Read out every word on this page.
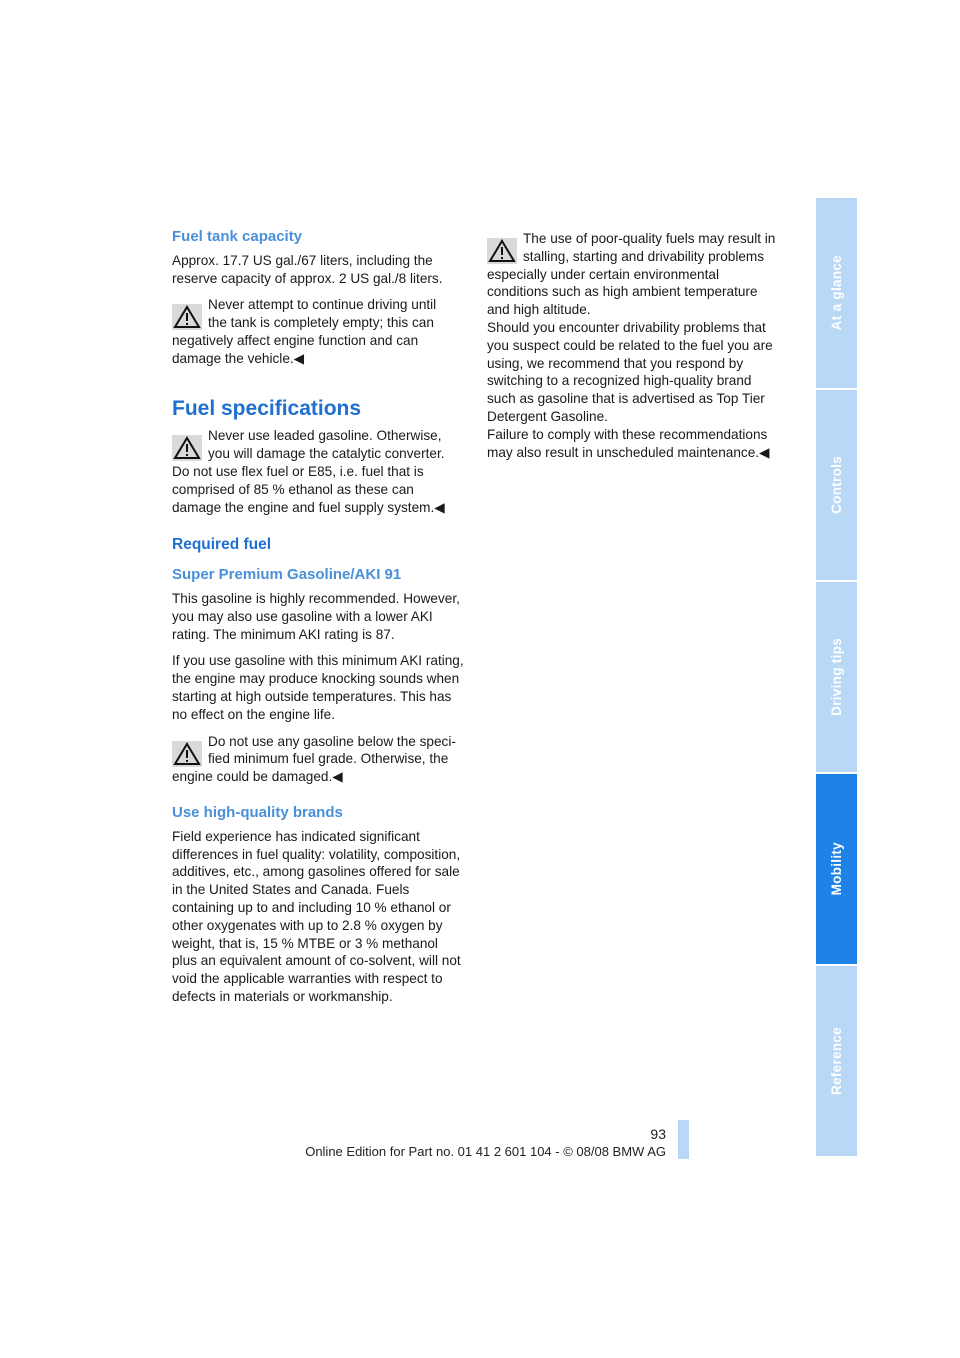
Fuel tank capacity

Approx. 17.7 US gal./67 liters, including the reserve capacity of approx. 2 US gal./8 liters.

Never attempt to continue driving until
the tank is completely empty; this can
negatively affect engine function and can damage the vehicle.◀
Fuel specifications
Never use leaded gasoline. Otherwise,
you will damage the catalytic converter.
Do not use flex fuel or E85, i.e. fuel that is comprised of 85 % ethanol as these can damage the engine and fuel supply system.◀
Required fuel
Super Premium Gasoline/AKI 91

This gasoline is highly recommended. However, you may also use gasoline with a lower AKI rating. The minimum AKI rating is 87.

If you use gasoline with this minimum AKI rating, the engine may produce knocking sounds when starting at high outside temperatures. This has no effect on the engine life.

Do not use any gasoline below the speci-
fied minimum fuel grade. Otherwise, the
engine could be damaged.◀
Use high-quality brands

Field experience has indicated significant differences in fuel quality: volatility, composition, additives, etc., among gasolines offered for sale in the United States and Canada. Fuels containing up to and including 10 % ethanol or other oxygenates with up to 2.8 % oxygen by weight, that is, 15 % MTBE or 3 % methanol plus an equivalent amount of co-solvent, will not void the applicable warranties with respect to defects in materials or workmanship.

The use of poor-quality fuels may result in
stalling, starting and drivability problems
especially under certain environmental conditions such as high ambient temperature and high altitude.

Should you encounter drivability problems that you suspect could be related to the fuel you are using, we recommend that you respond by switching to a recognized high-quality brand such as gasoline that is advertised as Top Tier Detergent Gasoline.

Failure to comply with these recommendations may also result in unscheduled maintenance.◀

At a glance
Controls
Driving tips
Mobility
Reference
93
Online Edition for Part no. 01 41 2 601 104 - © 08/08 BMW AG
